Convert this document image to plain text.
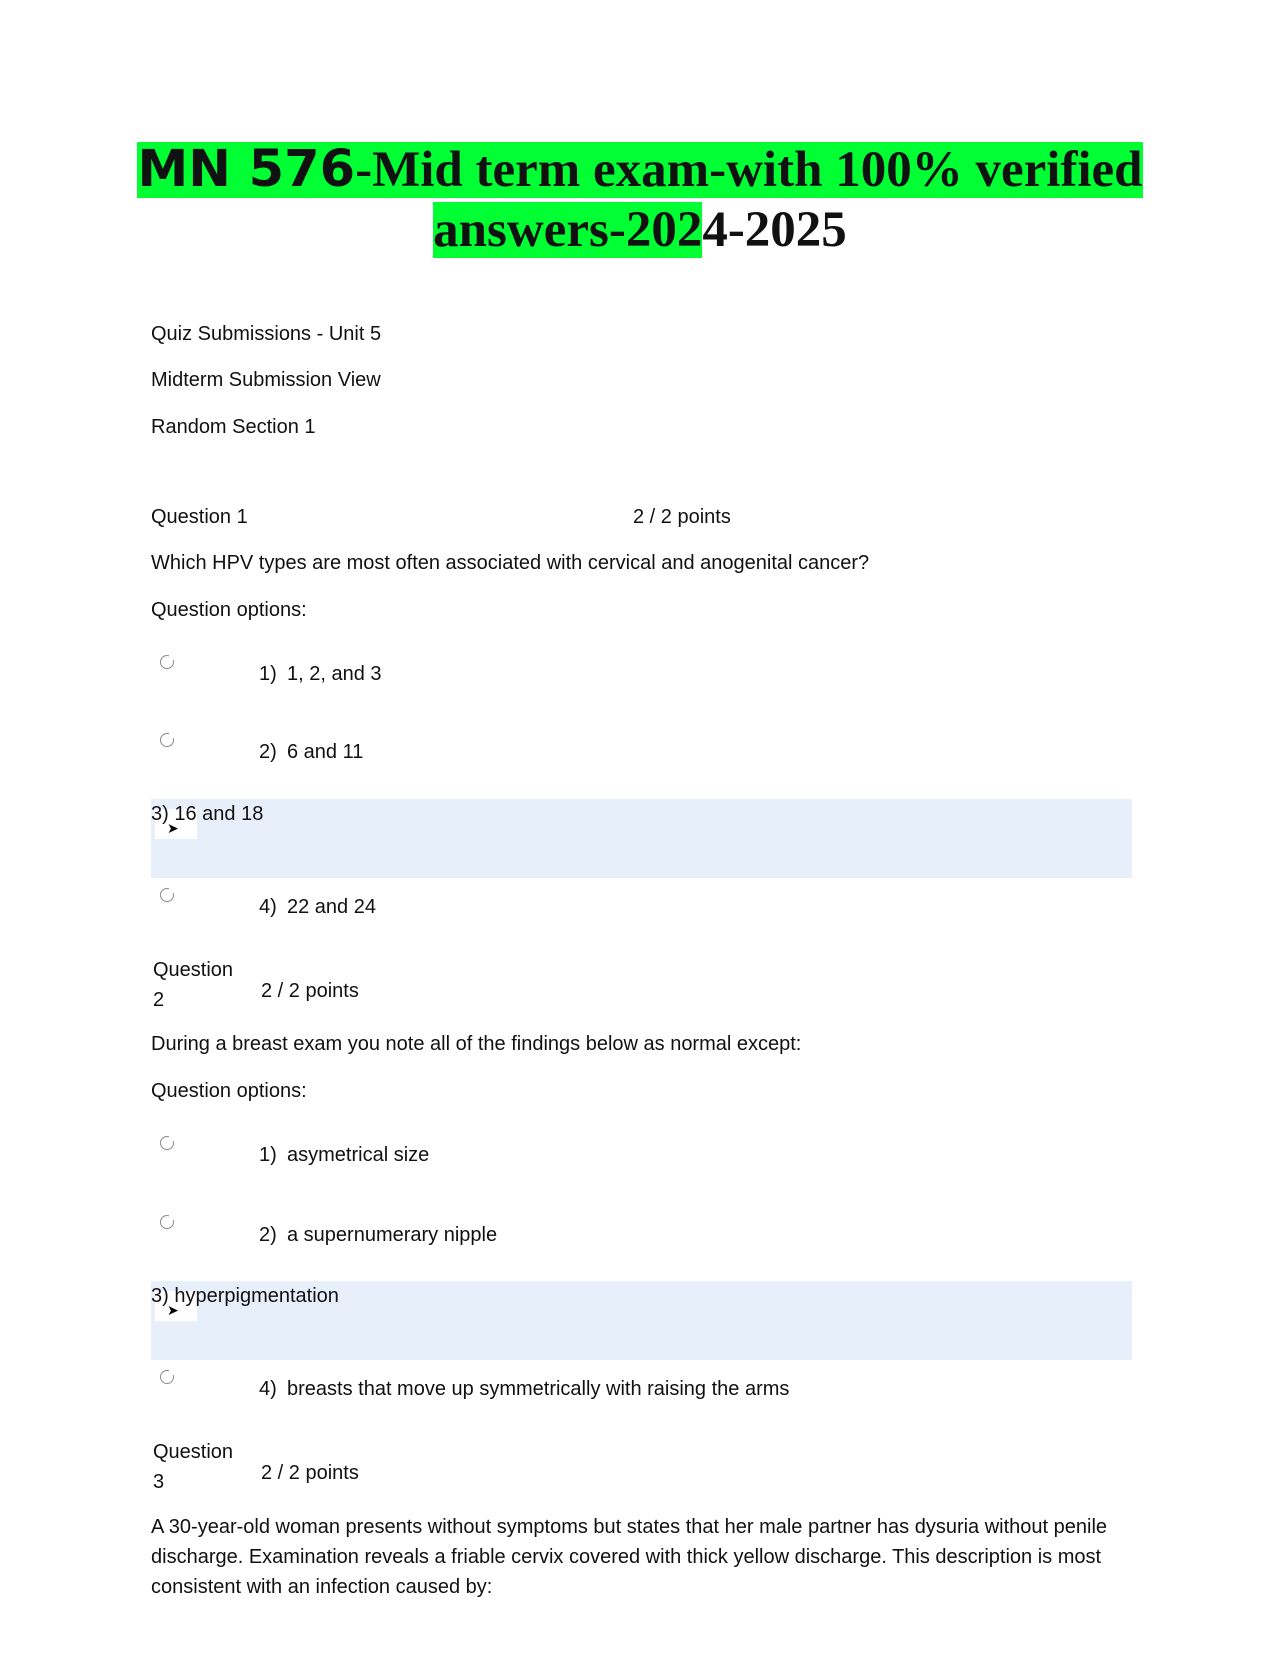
MN 576-Mid term exam-with 100% verified
answers-2024-2025
Quiz Submissions - Unit 5
Midterm Submission View
Random Section 1
Question 1	2 / 2 points
Which HPV types are most often associated with cervical and anogenital cancer?
Question options:
1) 1, 2, and 3
2) 6 and 11
➤
3) 16 and 18
4) 22 and 24
Question
2	2 / 2 points
During a breast exam you note all of the findings below as normal except:
Question options:
1) asymetrical size
2) a supernumerary nipple
➤
3) hyperpigmentation
4) breasts that move up symmetrically with raising the arms
Question
3	2 / 2 points
A 30-year-old woman presents without symptoms but states that her male partner has dysuria without penile discharge. Examination reveals a friable cervix covered with thick yellow discharge. This description is most consistent with an infection caused by:
